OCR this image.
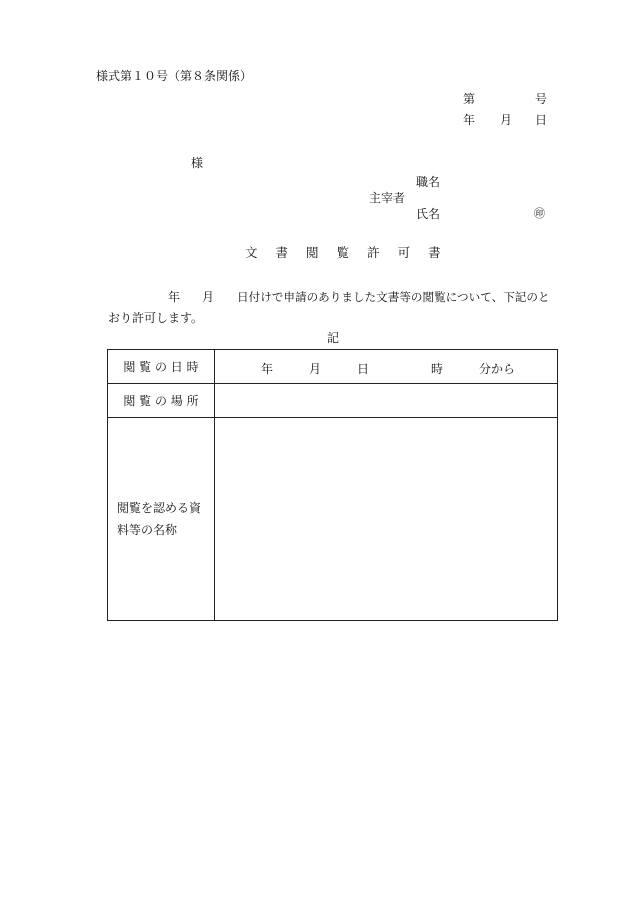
様式第１０号（第８条関係）
第	号
年 月 日
様
職名
主宰者
氏名	㊞
文 書 閲 覧 許 可 書
年 月 日付けで申請のありました文書等の閲覧について、下記のと
おり許可します。
記
閲 覧 の 日 時	年 月 日 時 分から

閲 覧 の 場 所	

閲覧を認める資
料等の名称	
